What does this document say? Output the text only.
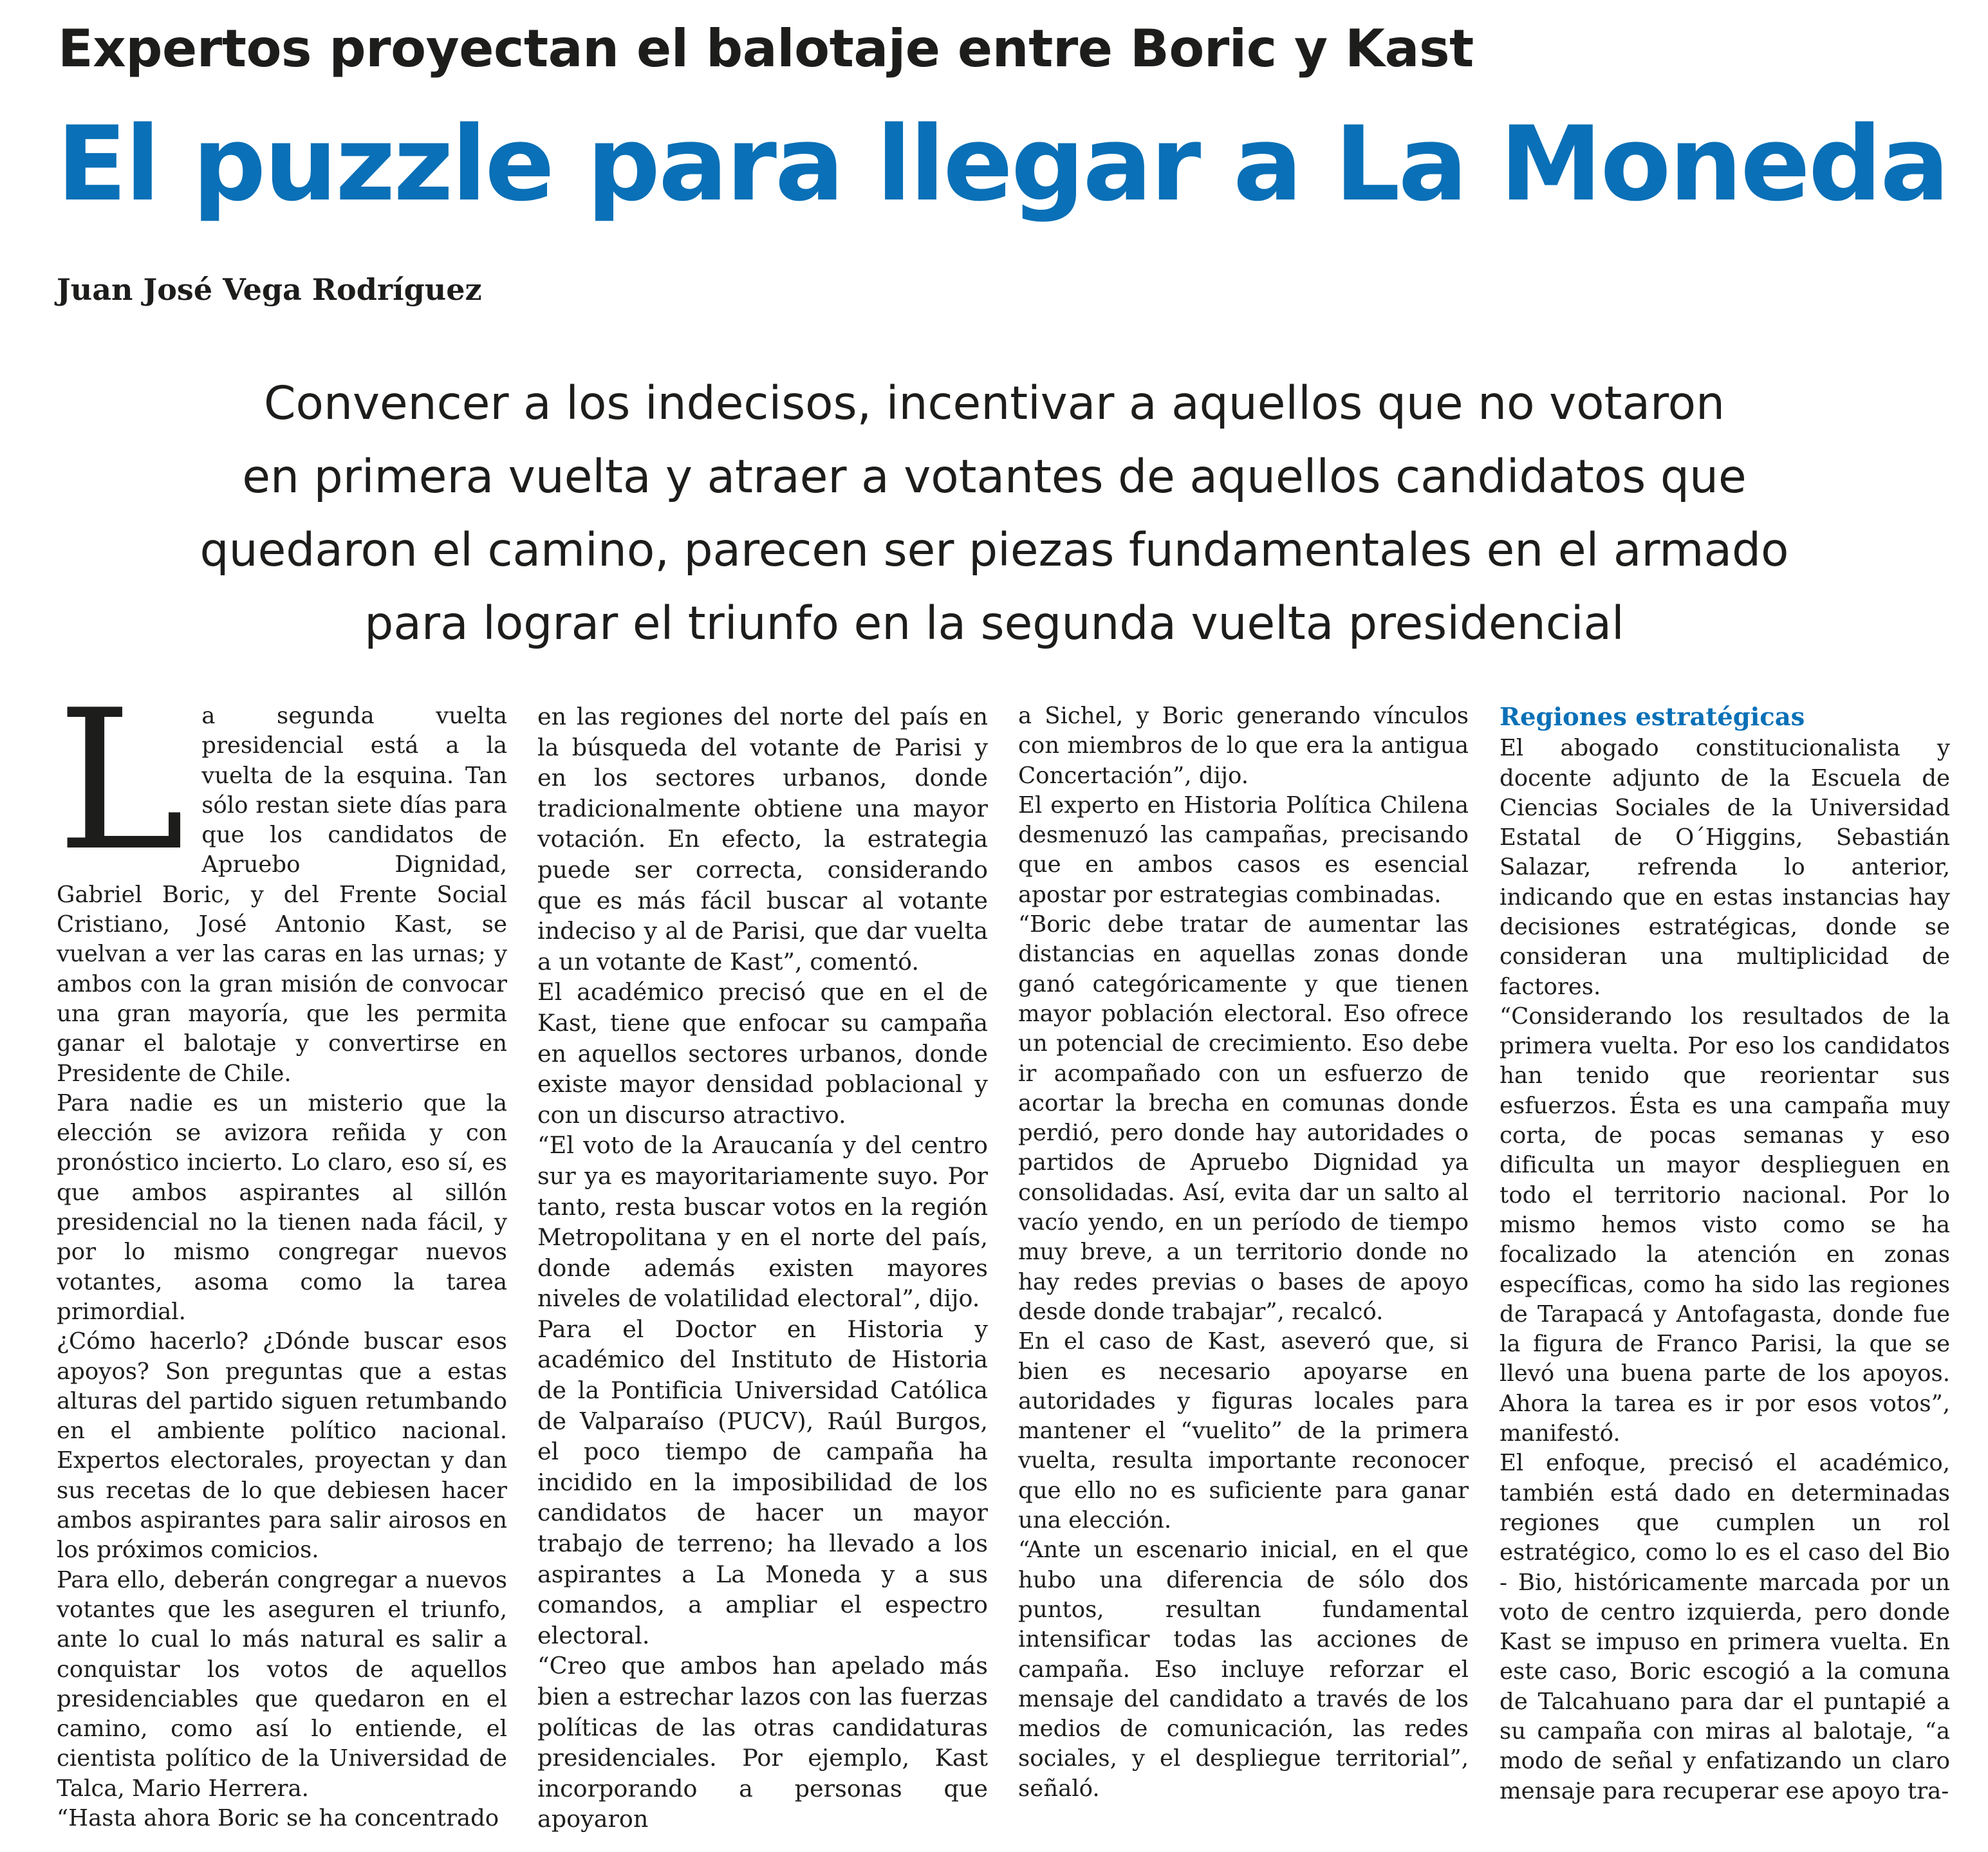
Expertos proyectan el balotaje entre Boric y Kast
El puzzle para llegar a La Moneda
Juan José Vega Rodríguez
Convencer a los indecisos, incentivar a aquellos que no votaron
en primera vuelta y atraer a votantes de aquellos candidatos que
quedaron el camino, parecen ser piezas fundamentales en el armado
para lograr el triunfo en la segunda vuelta presidencial
L a segunda vuelta presidencial está a la vuelta de la esquina. Tan sólo restan siete días para que los candidatos de Apruebo Dignidad, Gabriel Boric, y del Frente Social Cristiano, José Antonio Kast, se vuelvan a ver las caras en las urnas; y ambos con la gran misión de convocar una gran mayoría, que les permita ganar el balotaje y convertirse en Presidente de Chile.

Para nadie es un misterio que la elección se avizora reñida y con pronóstico incierto. Lo claro, eso sí, es que ambos aspirantes al sillón presidencial no la tienen nada fácil, y por lo mismo congregar nuevos votantes, asoma como la tarea primordial.

¿Cómo hacerlo? ¿Dónde buscar esos apoyos? Son preguntas que a estas alturas del partido siguen retumbando en el ambiente político nacional. Expertos electorales, proyectan y dan sus recetas de lo que debiesen hacer ambos aspirantes para salir airosos en los próximos comicios.

Para ello, deberán congregar a nuevos votantes que les aseguren el triunfo, ante lo cual lo más natural es salir a conquistar los votos de aquellos presidenciables que quedaron en el camino, como así lo entiende, el cientista político de la Universidad de Talca, Mario Herrera.

“Hasta ahora Boric se ha concentrado

en las regiones del norte del país en la búsqueda del votante de Parisi y en los sectores urbanos, donde tradicionalmente obtiene una mayor votación. En efecto, la estrategia puede ser correcta, considerando que es más fácil buscar al votante indeciso y al de Parisi, que dar vuelta a un votante de Kast”, comentó.

El académico precisó que en el de Kast, tiene que enfocar su campaña en aquellos sectores urbanos, donde existe mayor densidad poblacional y con un discurso atractivo.

“El voto de la Araucanía y del centro sur ya es mayoritariamente suyo. Por tanto, resta buscar votos en la región Metropolitana y en el norte del país, donde además existen mayores niveles de volatilidad electoral”, dijo.

Para el Doctor en Historia y académico del Instituto de Historia de la Pontificia Universidad Católica de Valparaíso (PUCV), Raúl Burgos, el poco tiempo de campaña ha incidido en la imposibilidad de los candidatos de hacer un mayor trabajo de terreno; ha llevado a los aspirantes a La Moneda y a sus comandos, a ampliar el espectro electoral.

“Creo que ambos han apelado más bien a estrechar lazos con las fuerzas políticas de las otras candidaturas presidenciales. Por ejemplo, Kast incorporando a personas que apoyaron

a Sichel, y Boric generando vínculos con miembros de lo que era la antigua Concertación”, dijo.

El experto en Historia Política Chilena desmenuzó las campañas, precisando que en ambos casos es esencial apostar por estrategias combinadas.

“Boric debe tratar de aumentar las distancias en aquellas zonas donde ganó categóricamente y que tienen mayor población electoral. Eso ofrece un potencial de crecimiento. Eso debe ir acompañado con un esfuerzo de acortar la brecha en comunas donde perdió, pero donde hay autoridades o partidos de Apruebo Dignidad ya consolidadas. Así, evita dar un salto al vacío yendo, en un período de tiempo muy breve, a un territorio donde no hay redes previas o bases de apoyo desde donde trabajar”, recalcó.

En el caso de Kast, aseveró que, si bien es necesario apoyarse en autoridades y figuras locales para mantener el “vuelito” de la primera vuelta, resulta importante reconocer que ello no es suficiente para ganar una elección.

“Ante un escenario inicial, en el que hubo una diferencia de sólo dos puntos, resultan fundamental intensificar todas las acciones de campaña. Eso incluye reforzar el mensaje del candidato a través de los medios de comunicación, las redes sociales, y el despliegue territorial”, señaló.

Regiones estratégicas

El abogado constitucionalista y docente adjunto de la Escuela de Ciencias Sociales de la Universidad Estatal de O´Higgins, Sebastián Salazar, refrenda lo anterior, indicando que en estas instancias hay decisiones estratégicas, donde se consideran una multiplicidad de factores.

“Considerando los resultados de la primera vuelta. Por eso los candidatos han tenido que reorientar sus esfuerzos. Ésta es una campaña muy corta, de pocas semanas y eso dificulta un mayor desplieguen en todo el territorio nacional. Por lo mismo hemos visto como se ha focalizado la atención en zonas específicas, como ha sido las regiones de Tarapacá y Antofagasta, donde fue la figura de Franco Parisi, la que se llevó una buena parte de los apoyos. Ahora la tarea es ir por esos votos”, manifestó.

El enfoque, precisó el académico, también está dado en determinadas regiones que cumplen un rol estratégico, como lo es el caso del Bio - Bio, históricamente marcada por un voto de centro izquierda, pero donde Kast se impuso en primera vuelta. En este caso, Boric escogió a la comuna de Talcahuano para dar el puntapié a su campaña con miras al balotaje, “a modo de señal y enfatizando un claro mensaje para recuperar ese apoyo tra-
